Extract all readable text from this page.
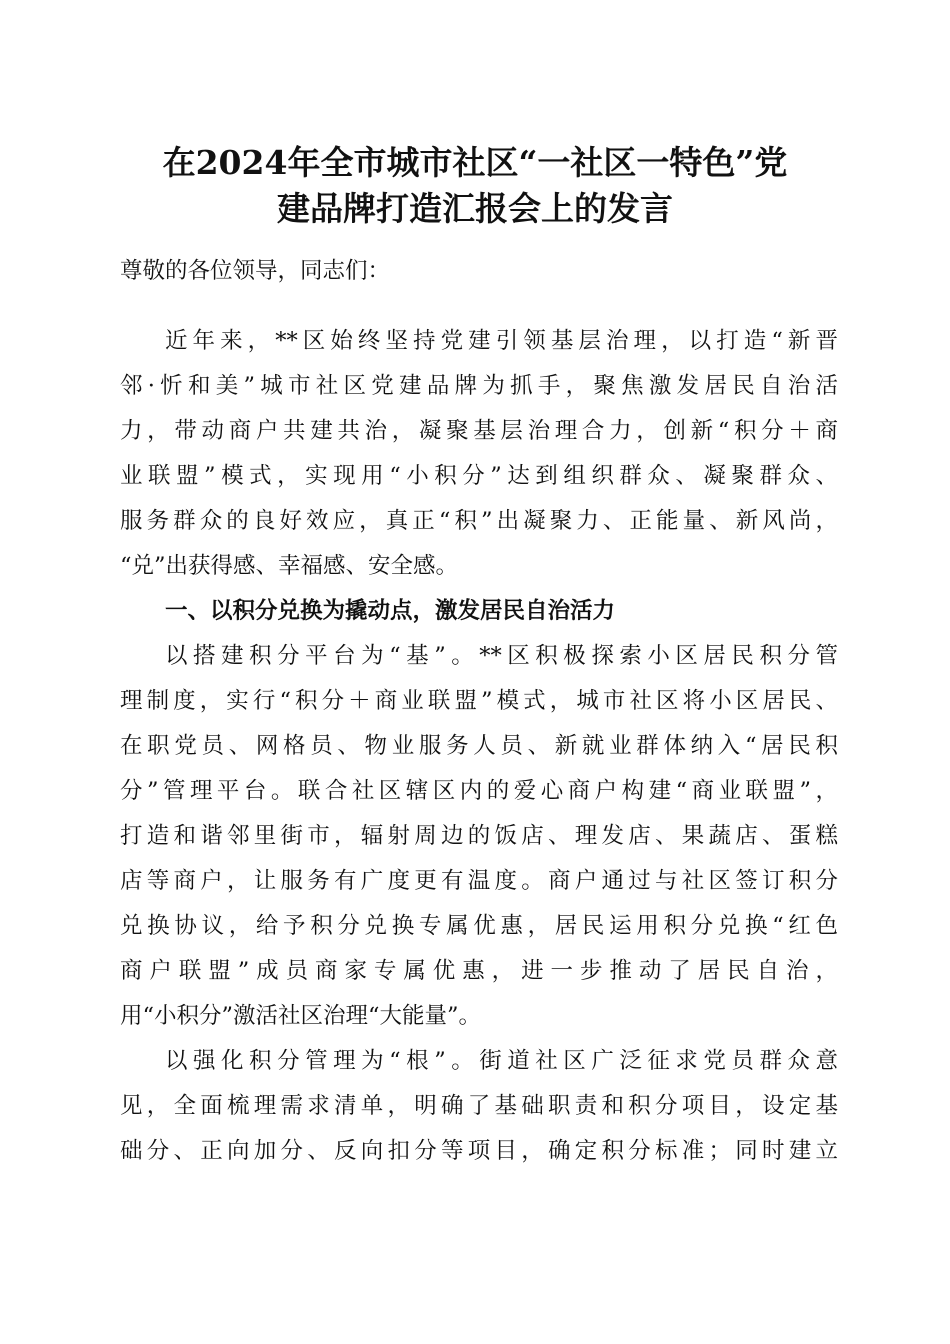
在2024年全市城市社区“一社区一特色”党
建品牌打造汇报会上的发言
尊敬的各位领导，同志们：
近年来，**区始终坚持党建引领基层治理，以打造“新晋
邻·忻和美”城市社区党建品牌为抓手，聚焦激发居民自治活
力，带动商户共建共治，凝聚基层治理合力，创新“积分＋商
业联盟”模式，实现用“小积分”达到组织群众、凝聚群众、
服务群众的良好效应，真正“积”出凝聚力、正能量、新风尚，
“兑”出获得感、幸福感、安全感。
一、以积分兑换为撬动点，激发居民自治活力
以搭建积分平台为“基”。**区积极探索小区居民积分管
理制度，实行“积分＋商业联盟”模式，城市社区将小区居民、
在职党员、网格员、物业服务人员、新就业群体纳入“居民积
分”管理平台。联合社区辖区内的爱心商户构建“商业联盟”，
打造和谐邻里街市，辐射周边的饭店、理发店、果蔬店、蛋糕
店等商户，让服务有广度更有温度。商户通过与社区签订积分
兑换协议，给予积分兑换专属优惠，居民运用积分兑换“红色
商户联盟”成员商家专属优惠，进一步推动了居民自治，
用“小积分”激活社区治理“大能量”。
以强化积分管理为“根”。街道社区广泛征求党员群众意
见，全面梳理需求清单，明确了基础职责和积分项目，设定基
础分、正向加分、反向扣分等项目，确定积分标准；同时建立
